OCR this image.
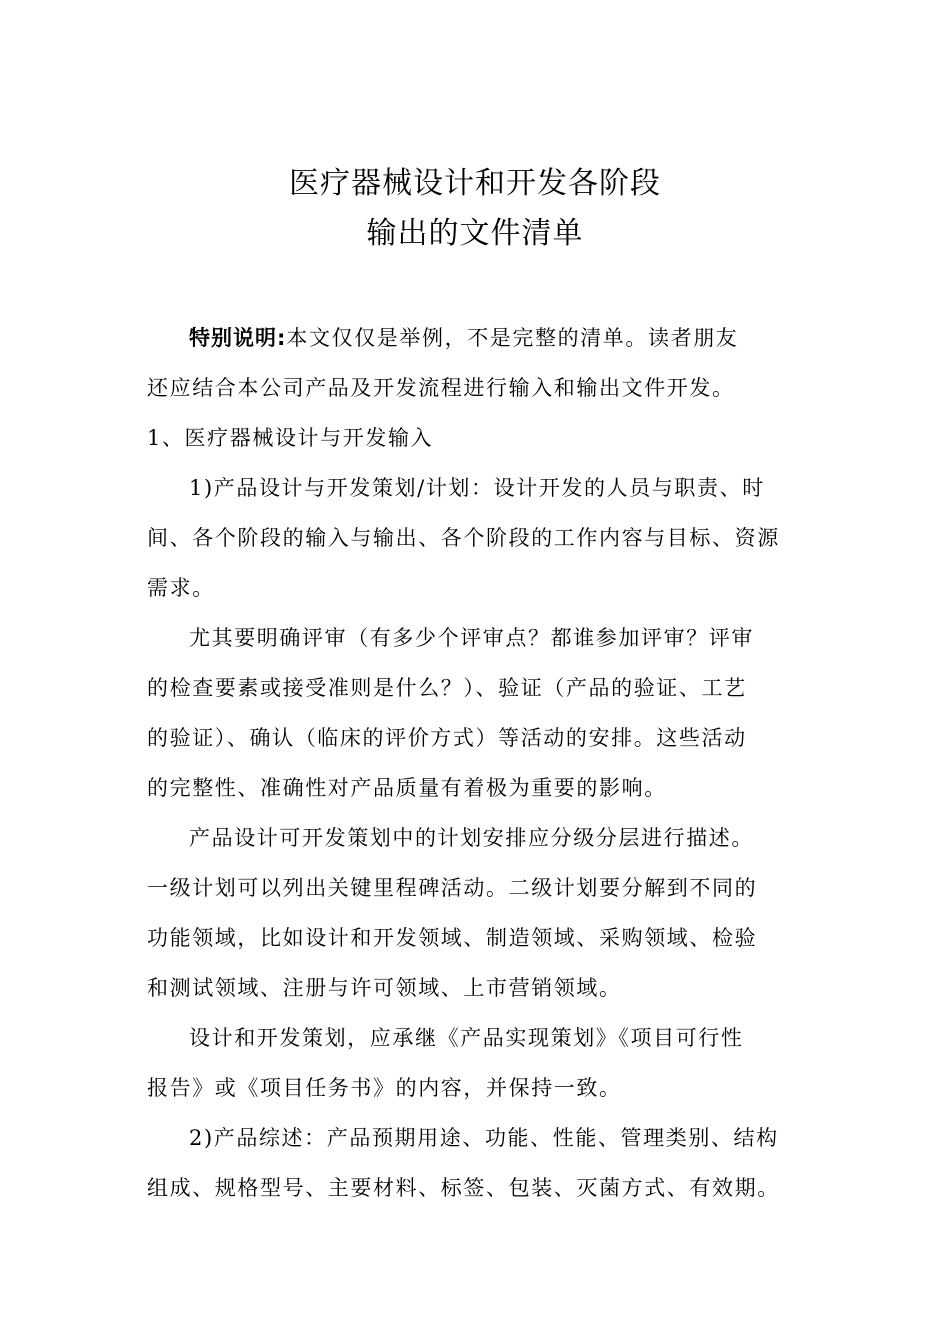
医疗器械设计和开发各阶段
输出的文件清单
特别说明:本文仅仅是举例，不是完整的清单。读者朋友
还应结合本公司产品及开发流程进行输入和输出文件开发。
1、医疗器械设计与开发输入
1)产品设计与开发策划/计划：设计开发的人员与职责、时
间、各个阶段的输入与输出、各个阶段的工作内容与目标、资源
需求。
尤其要明确评审（有多少个评审点？都谁参加评审？评审
的检查要素或接受准则是什么？）、验证（产品的验证、工艺
的验证）、确认（临床的评价方式）等活动的安排。这些活动
的完整性、准确性对产品质量有着极为重要的影响。
产品设计可开发策划中的计划安排应分级分层进行描述。
一级计划可以列出关键里程碑活动。二级计划要分解到不同的
功能领域，比如设计和开发领域、制造领域、采购领域、检验
和测试领域、注册与许可领域、上市营销领域。
设计和开发策划，应承继《产品实现策划》《项目可行性
报告》或《项目任务书》的内容，并保持一致。
2)产品综述：产品预期用途、功能、性能、管理类别、结构
组成、规格型号、主要材料、标签、包装、灭菌方式、有效期。
